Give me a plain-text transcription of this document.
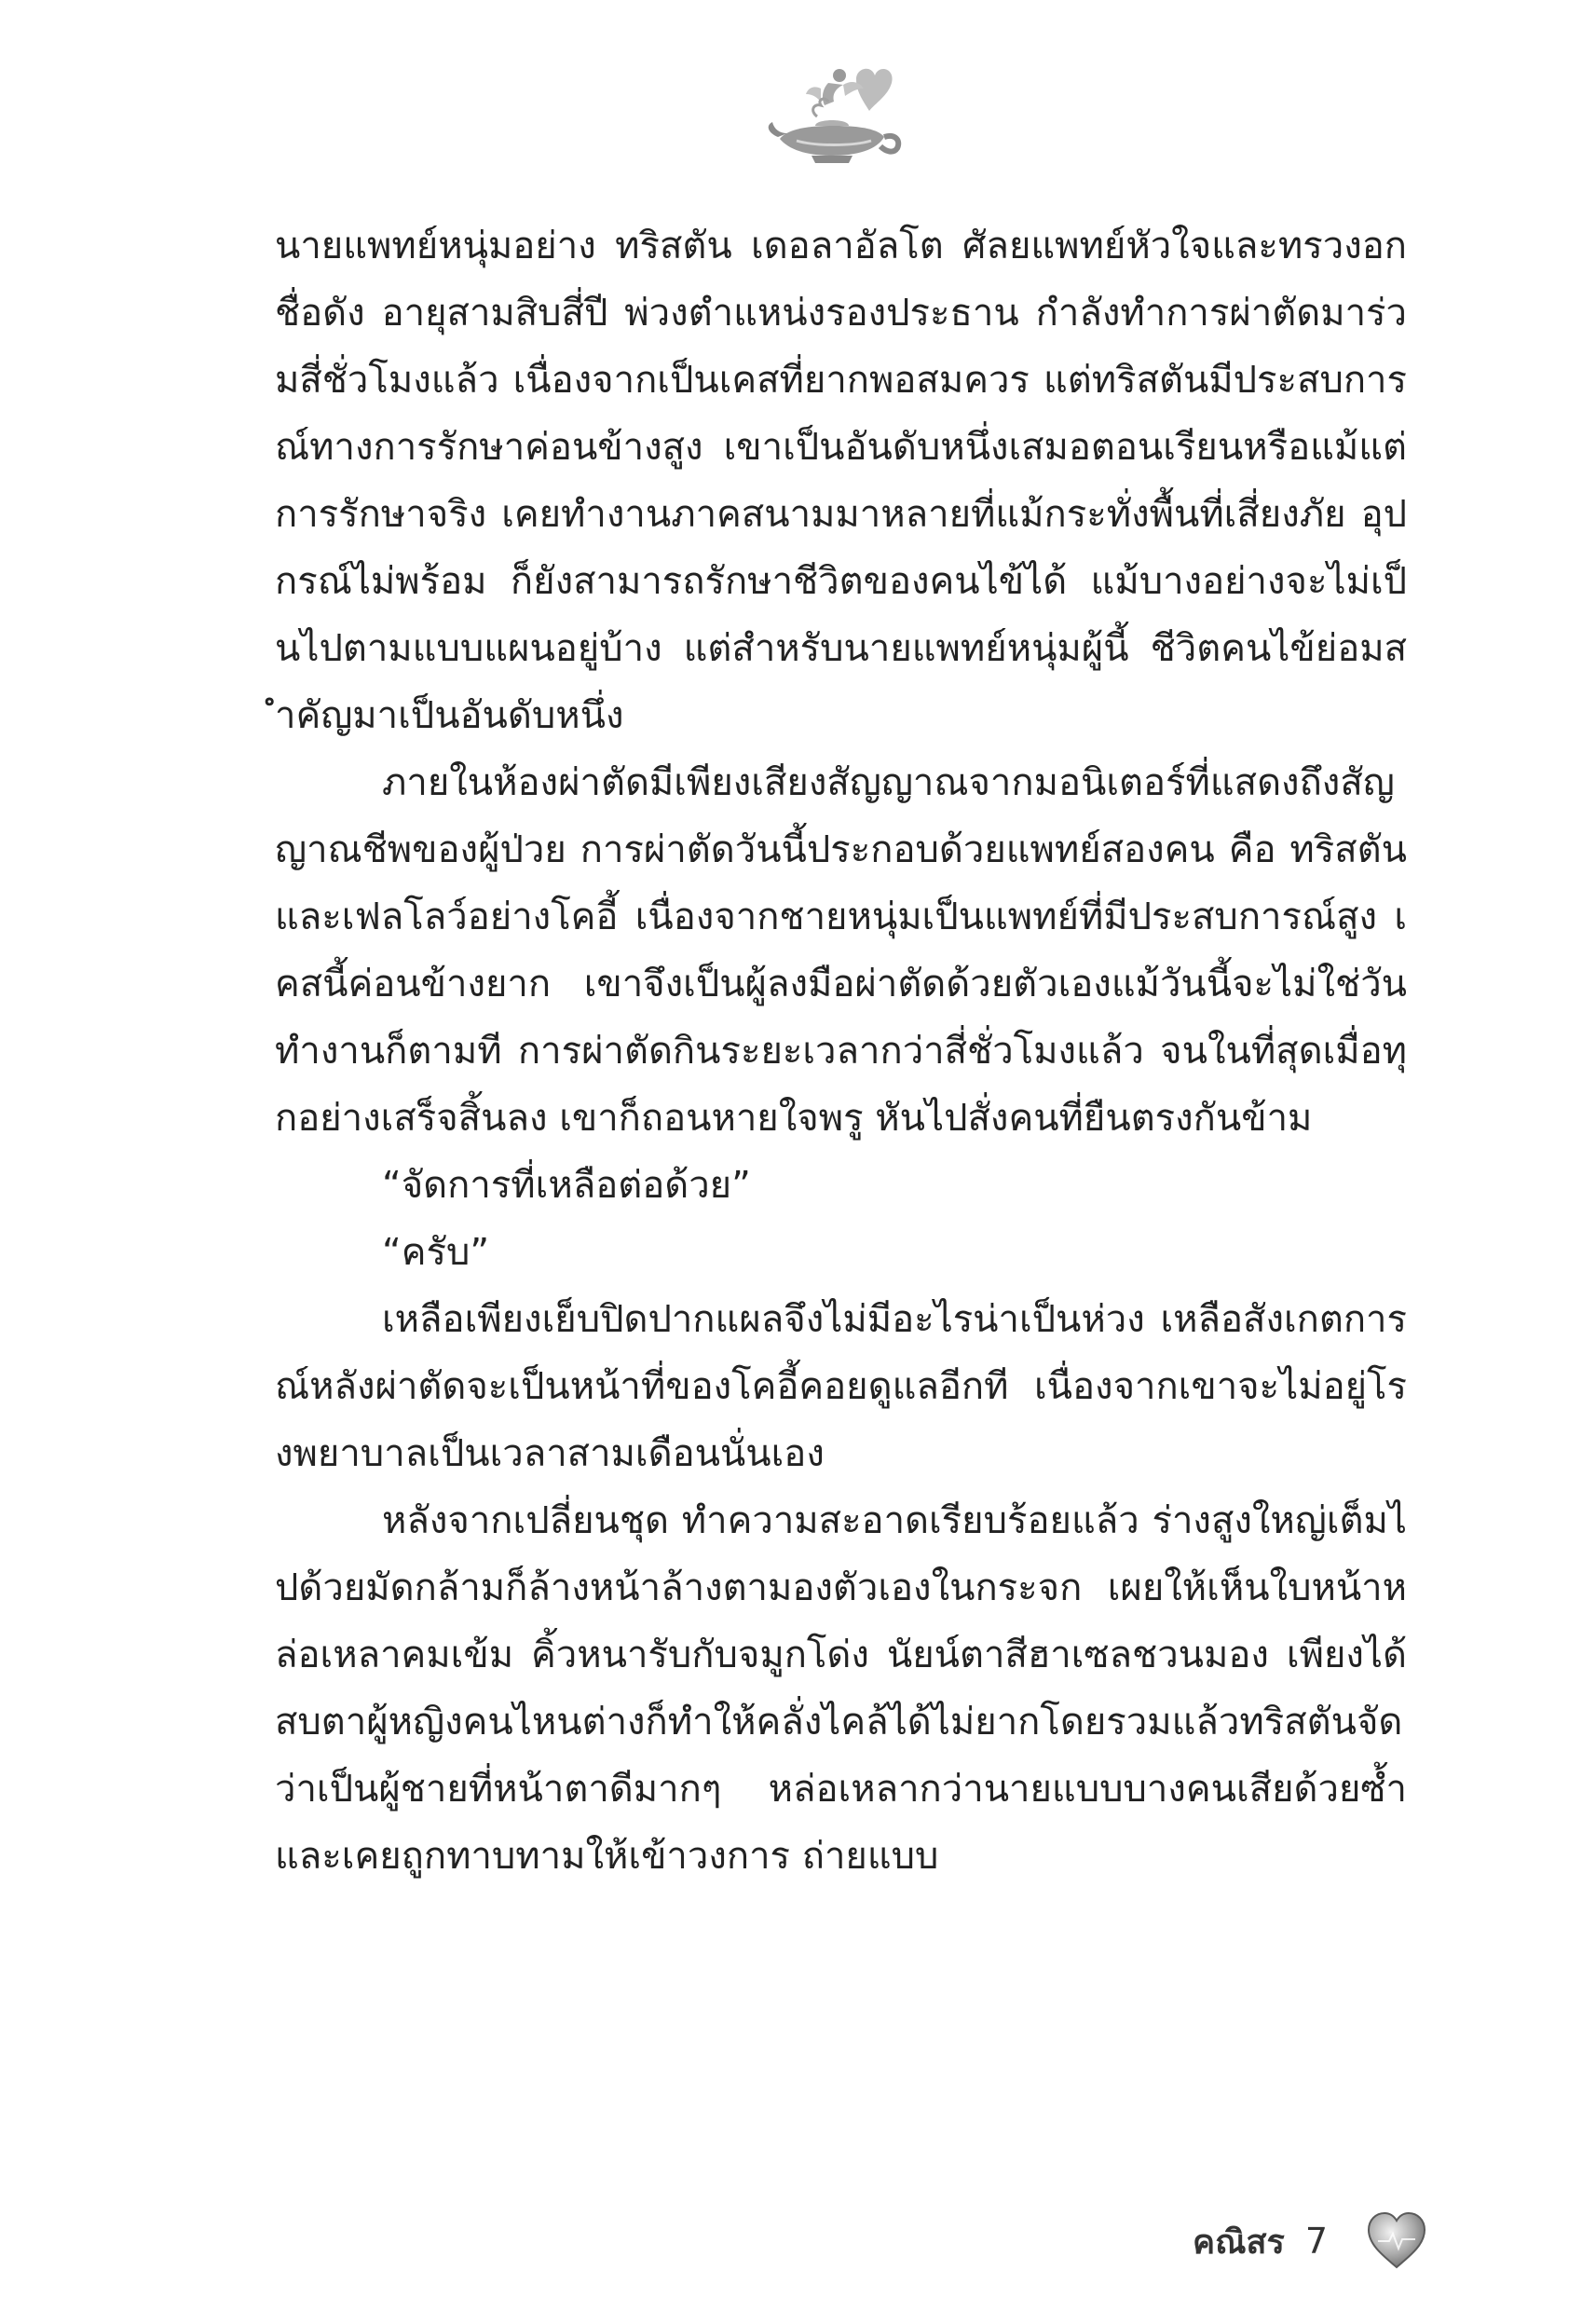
นายแพทย์หนุ่มอย่าง ทริสตัน เดอลาอัลโต ศัลยแพทย์หัวใจและทรวงอกชื่อดัง อายุสามสิบสี่ปี พ่วงตำแหน่งรองประธาน กำลังทำการผ่าตัดมาร่วมสี่ชั่วโมงแล้ว เนื่องจากเป็นเคสที่ยากพอสมควร แต่ทริสตันมีประสบการณ์ทางการรักษาค่อนข้างสูง เขาเป็นอันดับหนึ่งเสมอตอนเรียนหรือแม้แต่การรักษาจริง เคยทำงานภาคสนามมาหลายที่แม้กระทั่งพื้นที่เสี่ยงภัย อุปกรณ์ไม่พร้อม ก็ยังสามารถรักษาชีวิตของคนไข้ได้ แม้บางอย่างจะไม่เป็นไปตามแบบแผนอยู่บ้าง แต่สำหรับนายแพทย์หนุ่มผู้นี้ ชีวิตคนไข้ย่อมสำคัญมาเป็นอันดับหนึ่ง

ภายในห้องผ่าตัดมีเพียงเสียงสัญญาณจากมอนิเตอร์ที่แสดงถึงสัญญาณชีพของผู้ป่วย การผ่าตัดวันนี้ประกอบด้วยแพทย์สองคน คือ ทริสตัน และเฟลโลว์อย่างโคอี้ เนื่องจากชายหนุ่มเป็นแพทย์ที่มีประสบการณ์สูง เคสนี้ค่อนข้างยาก เขาจึงเป็นผู้ลงมือผ่าตัดด้วยตัวเองแม้วันนี้จะไม่ใช่วันทำงานก็ตามที การผ่าตัดกินระยะเวลากว่าสี่ชั่วโมงแล้ว จนในที่สุดเมื่อทุกอย่างเสร็จสิ้นลง เขาก็ถอนหายใจพรู หันไปสั่งคนที่ยืนตรงกันข้าม

“จัดการที่เหลือต่อด้วย”

“ครับ”

เหลือเพียงเย็บปิดปากแผลจึงไม่มีอะไรน่าเป็นห่วง เหลือสังเกตการณ์หลังผ่าตัดจะเป็นหน้าที่ของโคอี้คอยดูแลอีกที เนื่องจากเขาจะไม่อยู่โรงพยาบาลเป็นเวลาสามเดือนนั่นเอง

หลังจากเปลี่ยนชุด ทำความสะอาดเรียบร้อยแล้ว ร่างสูงใหญ่เต็มไปด้วยมัดกล้ามก็ล้างหน้าล้างตามองตัวเองในกระจก เผยให้เห็นใบหน้าหล่อเหลาคมเข้ม คิ้วหนารับกับจมูกโด่ง นัยน์ตาสีฮาเซลชวนมอง เพียงได้สบตาผู้หญิงคนไหนต่างก็ทำให้คลั่งไคล้ได้ไม่ยากโดยรวมแล้วทริสตันจัดว่าเป็นผู้ชายที่หน้าตาดีมากๆ หล่อเหลากว่านายแบบบางคนเสียด้วยซ้ำ และเคยถูกทาบทามให้เข้าวงการ ถ่ายแบบ

คณิสร 7
